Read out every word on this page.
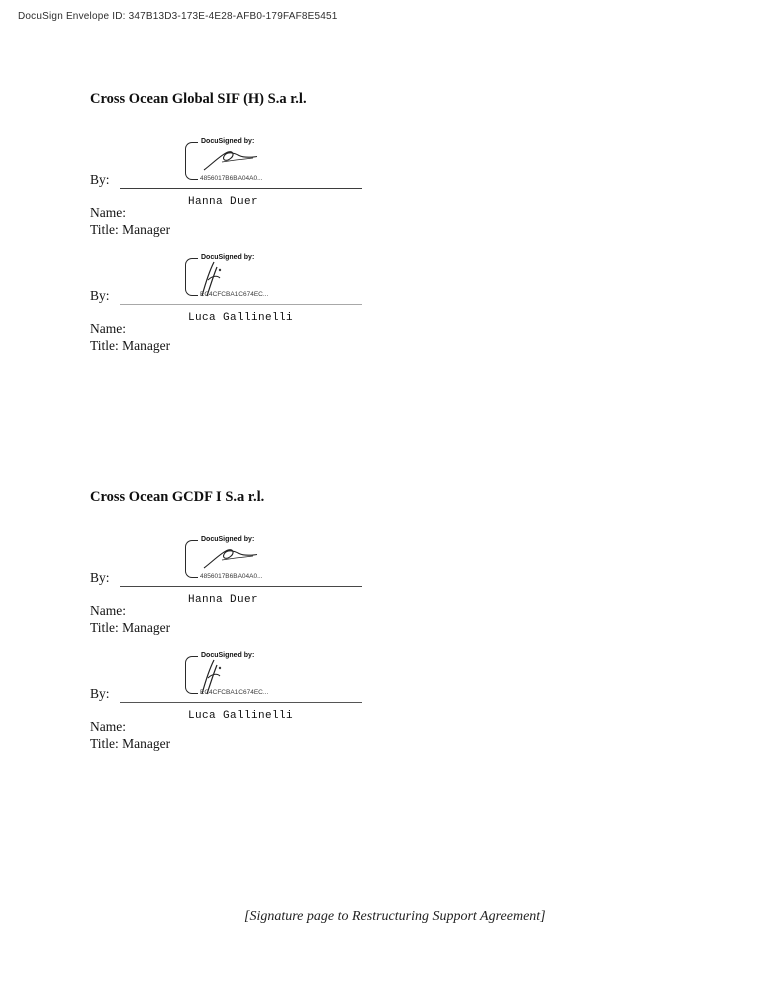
DocuSign Envelope ID: 347B13D3-173E-4E28-AFB0-179FAF8E5451
Cross Ocean Global SIF (H) S.a r.l.
DocuSigned by:
4856017B6BA04A0...
By:
Hanna Duer
Name:
Title: Manager
DocuSigned by:
EC4CFCBA1C674EC...
By:
Luca Gallinelli
Name:
Title: Manager
Cross Ocean GCDF I S.a r.l.
DocuSigned by:
4856017B6BA04A0...
By:
Hanna Duer
Name:
Title: Manager
DocuSigned by:
EC4CFCBA1C674EC...
By:
Luca Gallinelli
Name:
Title: Manager
[Signature page to Restructuring Support Agreement]
